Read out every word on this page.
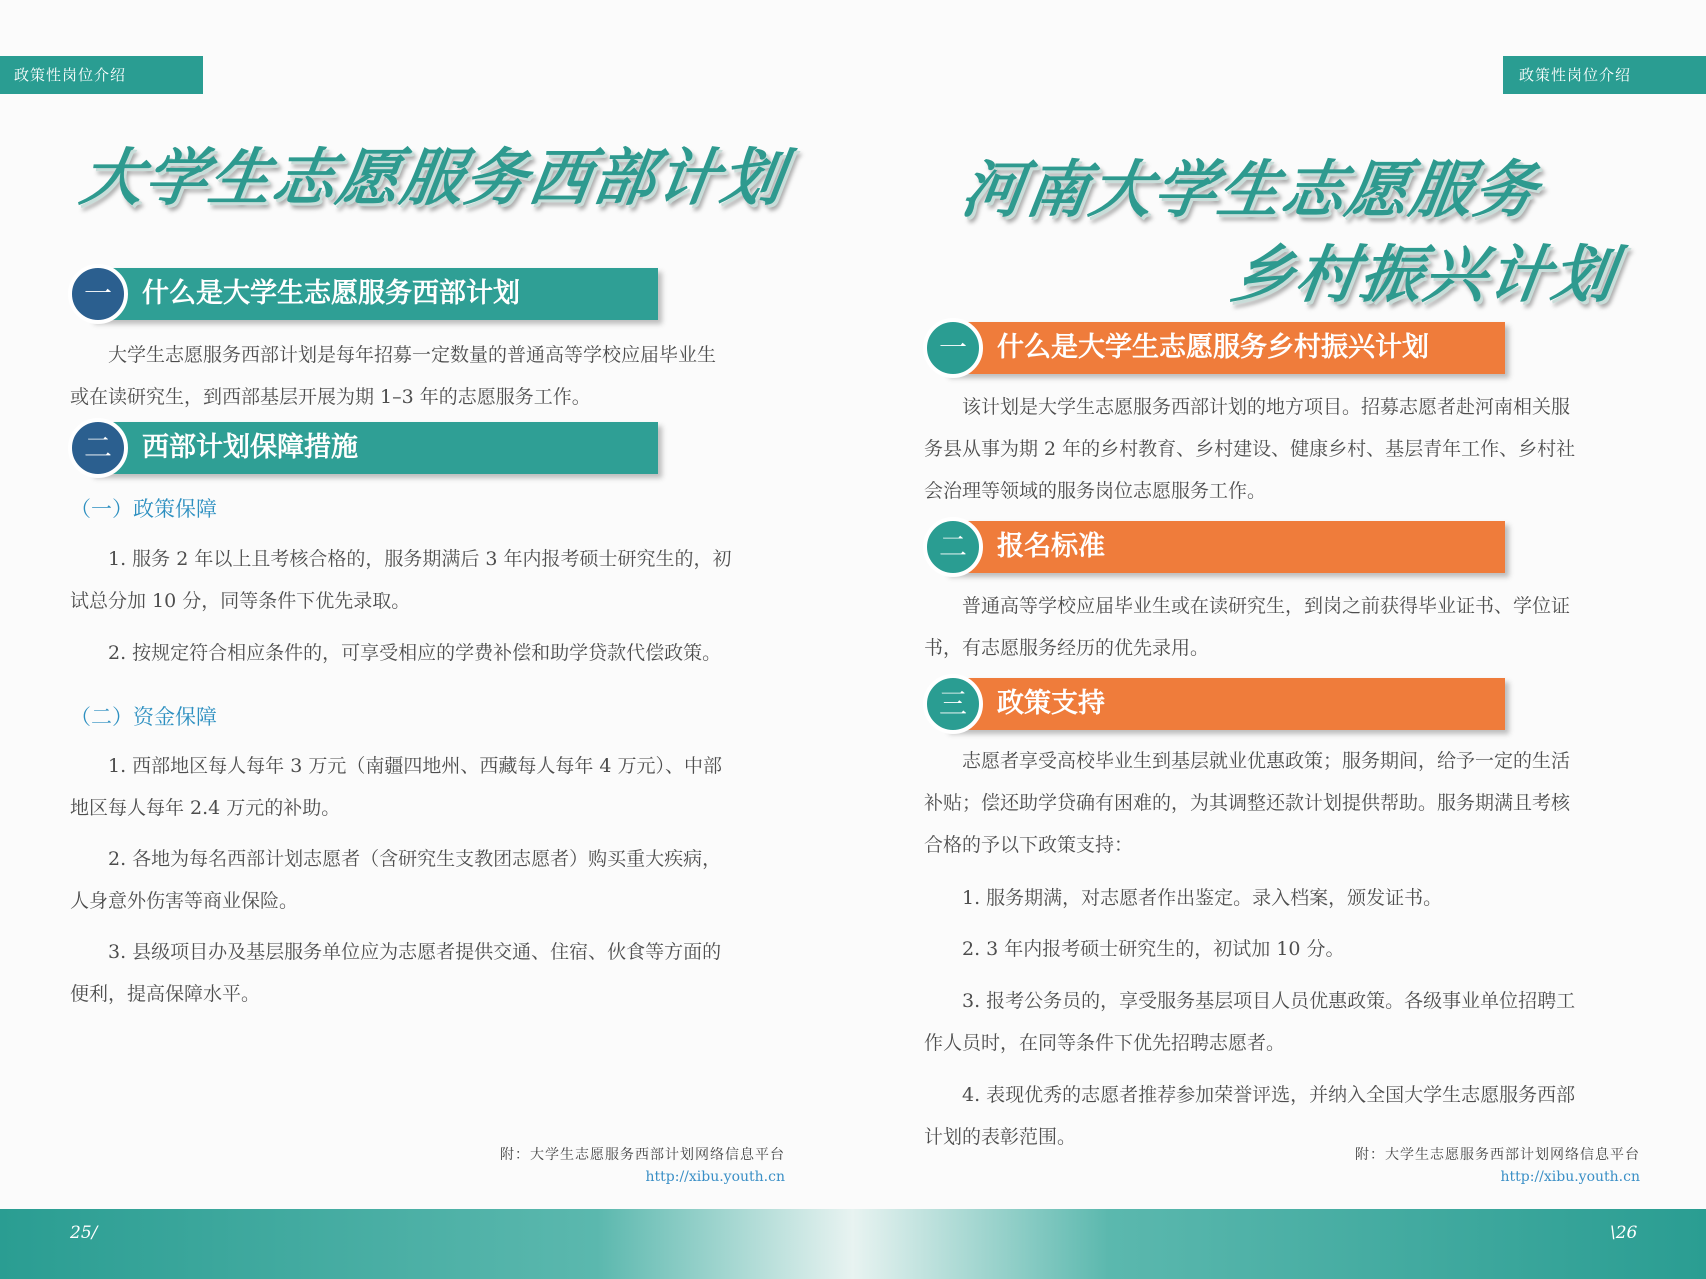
政策性岗位介绍
大学生志愿服务西部计划
一	什么是大学生志愿服务西部计划
大学生志愿服务西部计划是每年招募一定数量的普通高等学校应届毕业生
或在读研究生，到西部基层开展为期 1–3 年的志愿服务工作。
二	西部计划保障措施
（一）政策保障
1. 服务 2 年以上且考核合格的，服务期满后 3 年内报考硕士研究生的，初
试总分加 10 分，同等条件下优先录取。
2. 按规定符合相应条件的，可享受相应的学费补偿和助学贷款代偿政策。
（二）资金保障
1. 西部地区每人每年 3 万元（南疆四地州、西藏每人每年 4 万元）、中部
地区每人每年 2.4 万元的补助。
2. 各地为每名西部计划志愿者（含研究生支教团志愿者）购买重大疾病，
人身意外伤害等商业保险。
3. 县级项目办及基层服务单位应为志愿者提供交通、住宿、伙食等方面的
便利，提高保障水平。
附：大学生志愿服务西部计划网络信息平台
http://xibu.youth.cn
政策性岗位介绍
河南大学生志愿服务
乡村振兴计划
一	什么是大学生志愿服务乡村振兴计划
该计划是大学生志愿服务西部计划的地方项目。招募志愿者赴河南相关服
务县从事为期 2 年的乡村教育、乡村建设、健康乡村、基层青年工作、乡村社
会治理等领域的服务岗位志愿服务工作。
二	报名标准
普通高等学校应届毕业生或在读研究生，到岗之前获得毕业证书、学位证
书，有志愿服务经历的优先录用。
三	政策支持
志愿者享受高校毕业生到基层就业优惠政策；服务期间，给予一定的生活
补贴；偿还助学贷确有困难的，为其调整还款计划提供帮助。服务期满且考核
合格的予以下政策支持：
1. 服务期满，对志愿者作出鉴定。录入档案，颁发证书。
2. 3 年内报考硕士研究生的，初试加 10 分。
3. 报考公务员的，享受服务基层项目人员优惠政策。各级事业单位招聘工
作人员时，在同等条件下优先招聘志愿者。
4. 表现优秀的志愿者推荐参加荣誉评选，并纳入全国大学生志愿服务西部
计划的表彰范围。
附：大学生志愿服务西部计划网络信息平台
http://xibu.youth.cn
25/	\26
